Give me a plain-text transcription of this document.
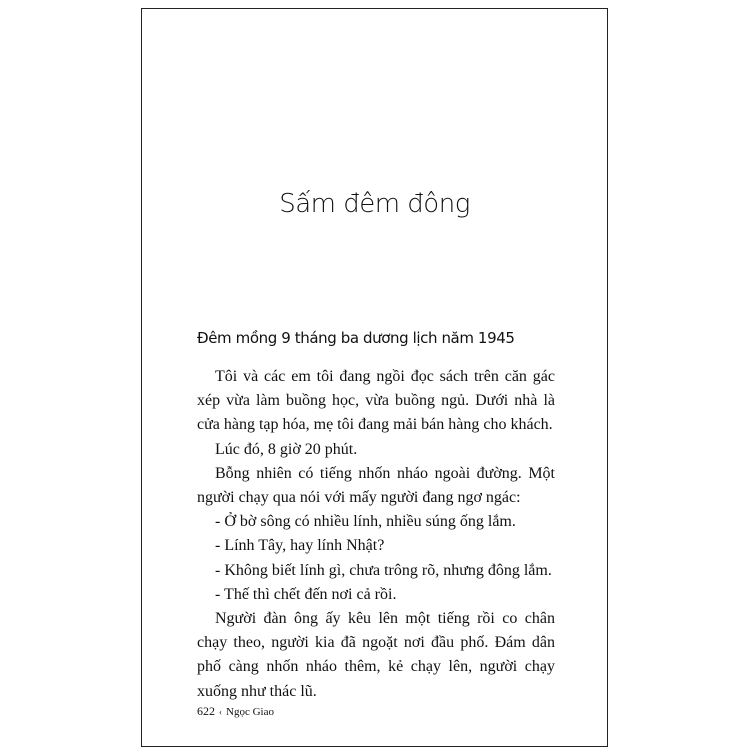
Sấm đêm đông
Đêm mồng 9 tháng ba dương lịch năm 1945

Tôi và các em tôi đang ngồi đọc sách trên căn gác xép vừa làm buồng học, vừa buồng ngủ. Dưới nhà là cửa hàng tạp hóa, mẹ tôi đang mải bán hàng cho khách.

Lúc đó, 8 giờ 20 phút.

Bỗng nhiên có tiếng nhốn nháo ngoài đường. Một người chạy qua nói với mấy người đang ngơ ngác:

- Ở bờ sông có nhiều lính, nhiều súng ống lắm.

- Lính Tây, hay lính Nhật?

- Không biết lính gì, chưa trông rõ, nhưng đông lắm.

- Thế thì chết đến nơi cả rồi.

Người đàn ông ấy kêu lên một tiếng rồi co chân chạy theo, người kia đã ngoặt nơi đầu phố. Đám dân phố càng nhốn nháo thêm, kẻ chạy lên, người chạy xuống như thác lũ.

622 ‹ Ngọc Giao
